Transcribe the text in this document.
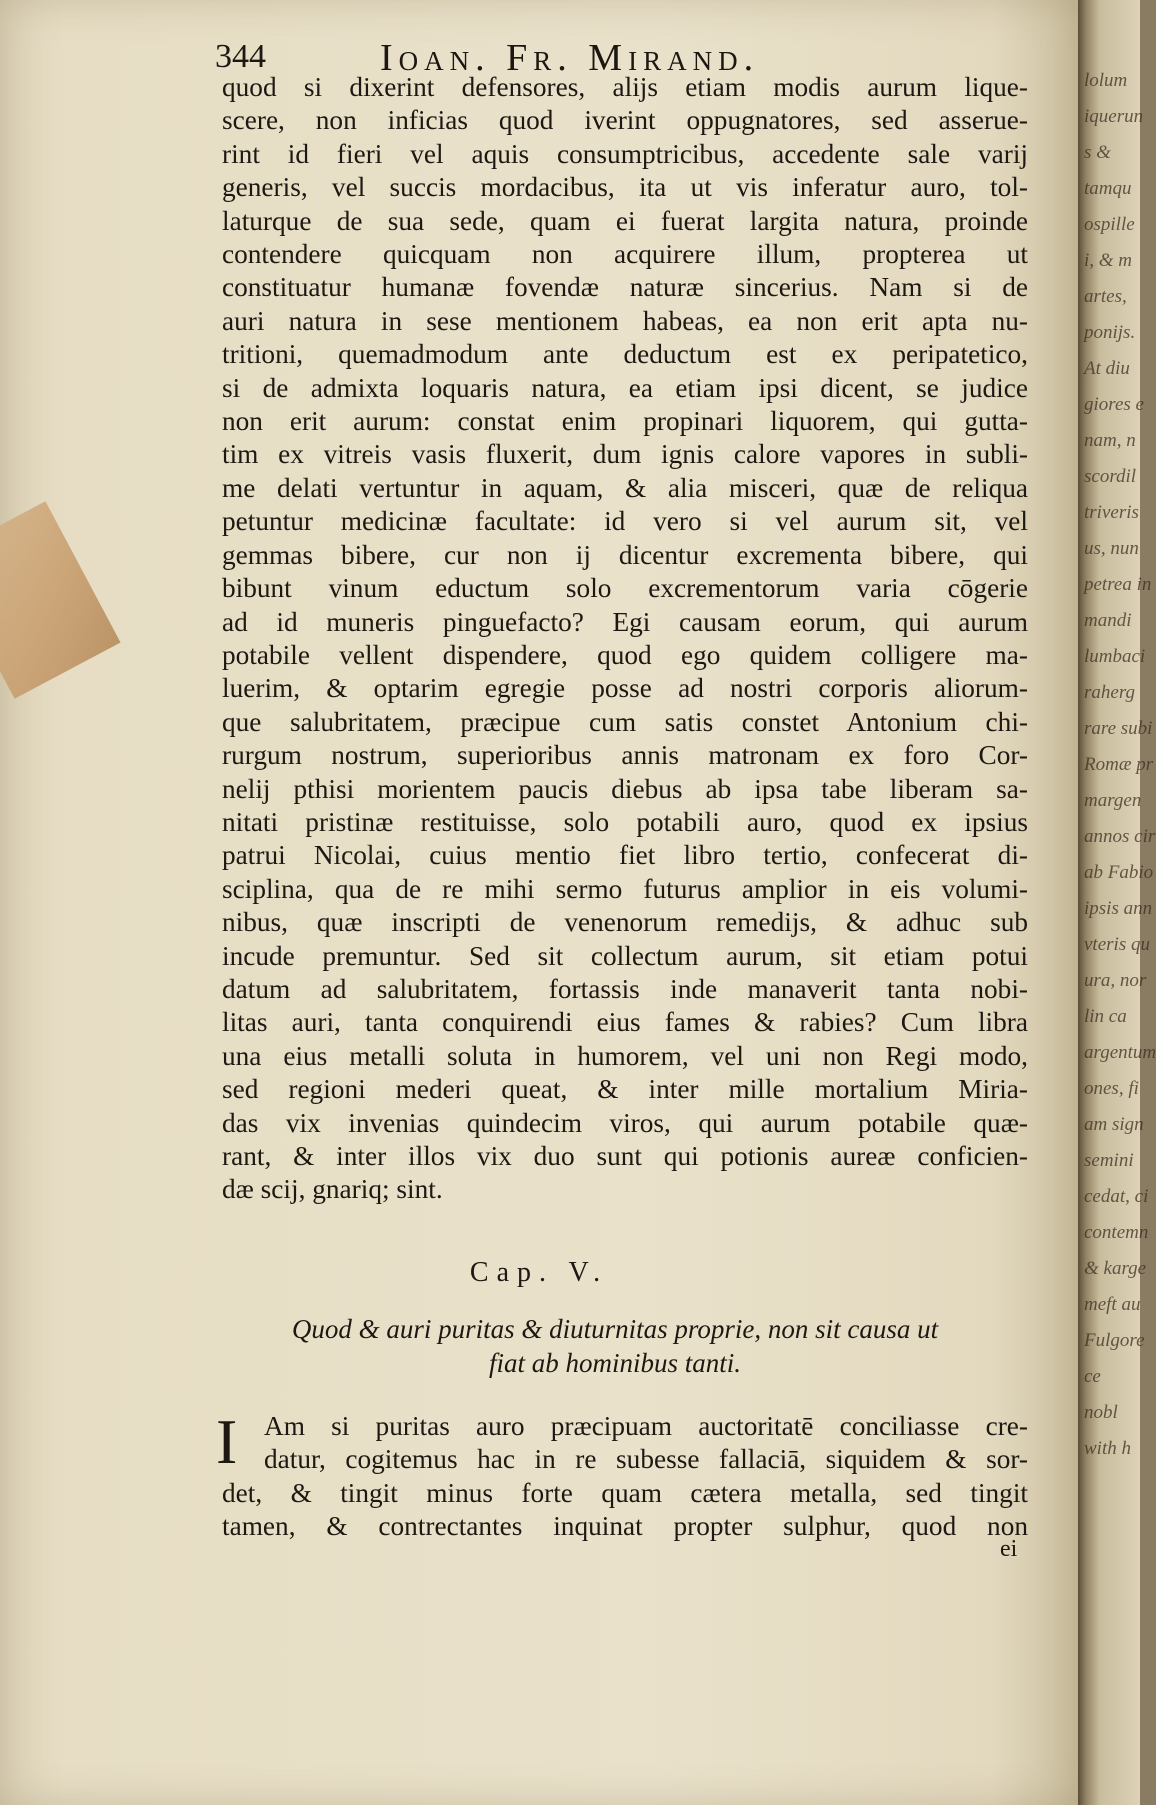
344	Ioan. Fr. Mirand.
quod si dixerint defensores, alijs etiam modis aurum lique-
scere, non inficias quod iverint oppugnatores, sed asserue-
rint id fieri vel aquis consumptricibus, accedente sale varij
generis, vel succis mordacibus, ita ut vis inferatur auro, tol-
laturque de sua sede, quam ei fuerat largita natura, proinde
contendere quicquam non acquirere illum, propterea ut
constituatur humanæ fovendæ naturæ sincerius. Nam si de
auri natura in sese mentionem habeas, ea non erit apta nu-
tritioni, quemadmodum ante deductum est ex peripatetico,
si de admixta loquaris natura, ea etiam ipsi dicent, se judice
non erit aurum: constat enim propinari liquorem, qui gutta-
tim ex vitreis vasis fluxerit, dum ignis calore vapores in subli-
me delati vertuntur in aquam, & alia misceri, quæ de reliqua
petuntur medicinæ facultate: id vero si vel aurum sit, vel
gemmas bibere, cur non ij dicentur excrementa bibere, qui
bibunt vinum eductum solo excrementorum varia cōgerie
ad id muneris pinguefacto? Egi causam eorum, qui aurum
potabile vellent dispendere, quod ego quidem colligere ma-
luerim, & optarim egregie posse ad nostri corporis aliorum-
que salubritatem, præcipue cum satis constet Antonium chi-
rurgum nostrum, superioribus annis matronam ex foro Cor-
nelij pthisi morientem paucis diebus ab ipsa tabe liberam sa-
nitati pristinæ restituisse, solo potabili auro, quod ex ipsius
patrui Nicolai, cuius mentio fiet libro tertio, confecerat di-
sciplina, qua de re mihi sermo futurus amplior in eis volumi-
nibus, quæ inscripti de venenorum remedijs, & adhuc sub
incude premuntur. Sed sit collectum aurum, sit etiam potui
datum ad salubritatem, fortassis inde manaverit tanta nobi-
litas auri, tanta conquirendi eius fames & rabies? Cum libra
una eius metalli soluta in humorem, vel uni non Regi modo,
sed regioni mederi queat, & inter mille mortalium Miria-
das vix invenias quindecim viros, qui aurum potabile quæ-
rant, & inter illos vix duo sunt qui potionis aureæ conficien-
dæ scij, gnariq; sint.
Cap. V.
Quod & auri puritas & diuturnitas proprie, non sit causa ut
fiat ab hominibus tanti.
I Am si puritas auro præcipuam auctoritatē conciliasse cre-
datur, cogitemus hac in re subesse fallaciā, siquidem & sor-
det, & tingit minus forte quam cætera metalla, sed tingit
tamen, & contrectantes inquinat propter sulphur, quod non
ei
lolum
iquerun
s &
tamqu
ospille
i, & m
artes,
ponijs.
At diu
giores e
nam, n
scordil
triveris
us, nun
petrea in
mandi
lumbaci
raherg
rare subi
Romæ pr
margen
annos cir
ab Fabio
ipsis ann
vteris qu
ura, nor
lin ca
argentum
ones, fi
am sign
semini
cedat, ci
contemn
& karge
meft au
Fulgore
ce
nobl
with h
